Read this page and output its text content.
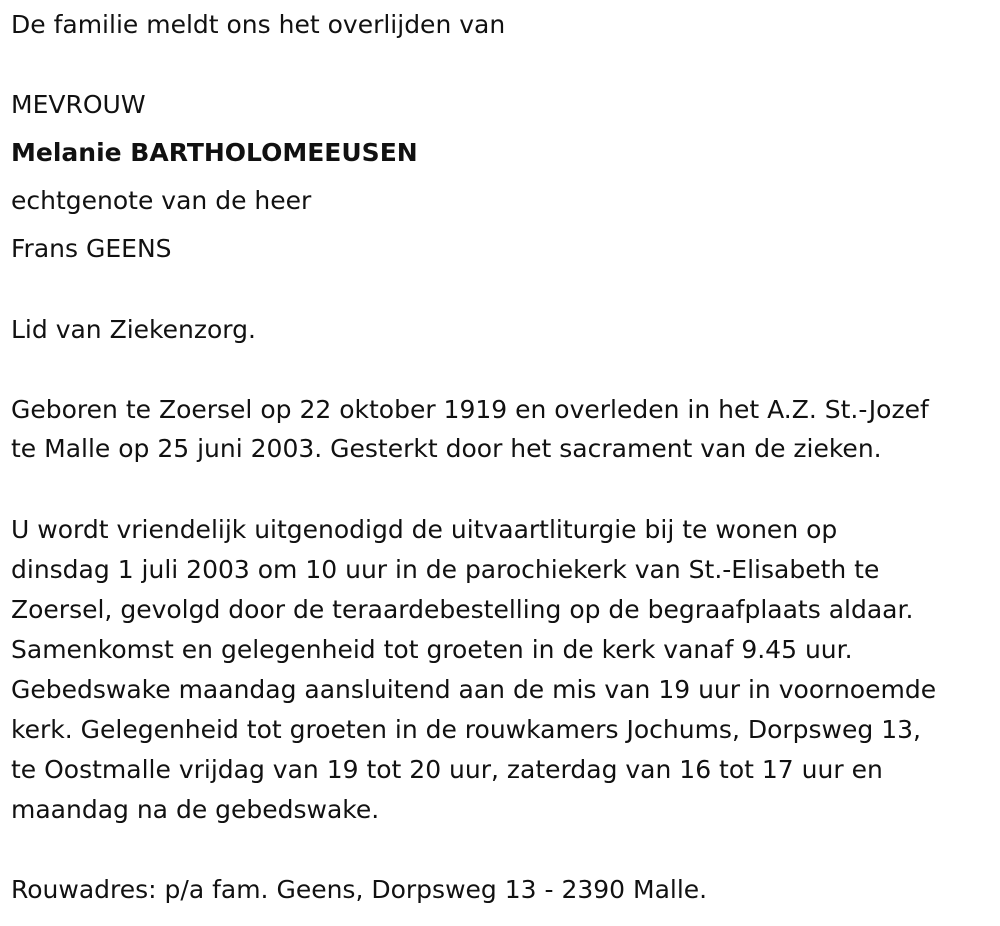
De familie meldt ons het overlijden van
MEVROUW
Melanie BARTHOLOMEEUSEN
echtgenote van de heer
Frans GEENS
Lid van Ziekenzorg.
Geboren te Zoersel op 22 oktober 1919 en overleden in het A.Z. St.-Jozef
te Malle op 25 juni 2003. Gesterkt door het sacrament van de zieken.
U wordt vriendelijk uitgenodigd de uitvaartliturgie bij te wonen op
dinsdag 1 juli 2003 om 10 uur in de parochiekerk van St.-Elisabeth te
Zoersel, gevolgd door de teraardebestelling op de begraafplaats aldaar.
Samenkomst en gelegenheid tot groeten in de kerk vanaf 9.45 uur.
Gebedswake maandag aansluitend aan de mis van 19 uur in voornoemde
kerk. Gelegenheid tot groeten in de rouwkamers Jochums, Dorpsweg 13,
te Oostmalle vrijdag van 19 tot 20 uur, zaterdag van 16 tot 17 uur en
maandag na de gebedswake.
Rouwadres: p/a fam. Geens, Dorpsweg 13 - 2390 Malle.
